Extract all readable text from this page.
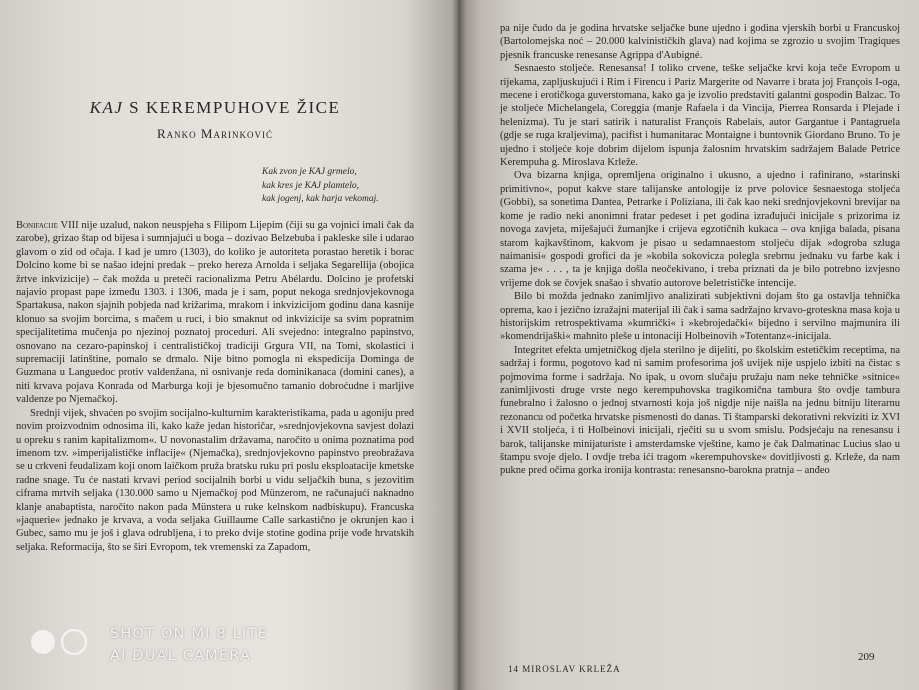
KAJ S KEREMPUHOVE ŽICE
Ranko Marinković
Kak zvon je KAJ grmelo,
kak kres je KAJ plamtelo,
kak jogenj, kak harja vekomaj.

Bonifacije VIII nije uzalud, nakon neuspjeha s Filipom Lijepim (čiji su ga vojnici imali čak da zarobe), grizao štap od bijesa i sumnjajući u boga – dozivao Belzebuba i pakleske sile i udarao glavom o zid od očaja. I kad je umro (1303), do koliko je autoriteta porastao heretik i borac Dolcino kome bi se našao idejni predak – preko hereza Arnolda i seljaka Segarellija (obojica žrtve inkvizicije) – čak možda u preteči racionalizma Petru Abélardu. Dolcino je profetski najavio propast pape između 1303. i 1306, mada je i sam, poput nekoga srednjovjekovnoga Spartakusa, nakon sjajnih pobjeda nad križarima, mrakom i inkvizicijom godinu dana kasnije klonuo sa svojim borcima, s mačem u ruci, i bio smaknut od inkvizicije sa svim popratnim specijalitetima mučenja po njezinoj poznatoj proceduri. Ali svejedno: integralno papinstvo, osnovano na cezaro-papinskoj i centralističkoj tradiciji Grgura VII, na Tomi, skolastici i supremaciji latinštine, pomalo se drmalo. Nije bitno pomogla ni ekspedicija Dominga de Guzmana u Languedoc protiv valdenžana, ni osnivanje reda dominikanaca (domini canes), a niti krvava pojava Konrada od Marburga koji je bjesomučno tamanio dobroćudne i marljive valdenze po Njemačkoj.

Srednji vijek, shvaćen po svojim socijalno-kulturnim karakteristikama, pada u agoniju pred novim proizvodnim odnosima ili, kako kaže jedan historičar, »srednjovjekovna savjest dolazi u opreku s ranim kapitalizmom«. U novonastalim državama, naročito u onima poznatima pod imenom tzv. »imperijalističke inflacije« (Njemačka), srednjovjekovno papinstvo preobražava se u crkveni feudalizam koji onom laičkom pruža bratsku ruku pri poslu eksploatacije kmetske radne snage. Tu će nastati krvavi period socijalnih borbi u vidu seljačkih buna, s jezovitim ciframa mrtvih seljaka (130.000 samo u Njemačkoj pod Münzerom, ne računajući naknadno klanje anabaptista, naročito nakon pada Münstera u ruke kelnskom nadbiskupu). Francuska »jaquerie« jednako je krvava, a voda seljaka Guillaume Calle sarkastično je okrunjen kao i Gubec, samo mu je još i glava odrubljena, i to preko dvije stotine godina prije vođe hrvatskih seljaka. Reformacija, što se širi Evropom, tek vremenski za Zapadom,

pa nije čudo da je godina hrvatske seljačke bune ujedno i godina vjerskih borbi u Francuskoj (Bartolomejska noć – 20.000 kalvinističkih glava) nad kojima se zgrozio u svojim Tragiques pjesnik francuske renesanse Agrippa d'Aubigné.

Sesnaesto stoljeće. Renesansa! I toliko crvene, teške seljačke krvi koja teče Evropom u rijekama, zapljuskujući i Rim i Firencu i Pariz Margerite od Navarre i brata joj François I-oga, mecene i erotičkoga guverstomana, kako ga je izvolio predstaviti galantni gospodin Balzac. To je stoljeće Michelangela, Coreggia (manje Rafaela i da Vincija, Pierrea Ronsarda i Plejade i helenizma). Tu je stari satirik i naturalist François Rabelais, autor Gargantue i Pantagruela (gdje se ruga kraljevima), pacifist i humanitarac Montaigne i buntovnik Giordano Bruno. To je ujedno i stoljeće koje dobrim dijelom ispunja žalosnim hrvatskim sadržajem Balade Petrice Kerempuha g. Miroslava Krleže.

Ova bizarna knjiga, opremljena originalno i ukusno, a ujedno i rafinirano, »starinski primitivno«, poput kakve stare talijanske antologije iz prve polovice šesnaestoga stoljeća (Gobbi), sa sonetima Dantea, Petrarke i Poliziana, ili čak kao neki srednjovjekovni brevijar na kome je radio neki anonimni fratar pedeset i pet godina izrađujući inicijale s prizorima iz novoga zavjeta, miješajući žumanjke i crijeva egzotičnih kukaca – ova knjiga balada, pisana starom kajkavštinom, kakvom je pisao u sedamnaestom stoljeću dijak »dogroba szluga naimanisi« gospodi grofici da je »kobila sokovicza polegla srebrnu jednaku vu farbe kak i szama je« . . . , ta je knjiga došla neočekivano, i treba priznati da je bilo potrebno izvjesno vrijeme dok se čovjek snašao i shvatio autorove beletrističke intencije.

Bilo bi možda jednako zanimljivo analizirati subjektivni dojam što ga ostavlja tehnička oprema, kao i jezično izražajni materijal ili čak i sama sadržajno krvavo-groteskna masa koja u historijskim retrospektivama »kumrički« i »kebrojedački« bijedno i servilno majmunira ili »komendrijaški« mahnito pleše u intonaciji Holbeinovih »Totentanz«-inicijala.

Integritet efekta umjetničkog djela sterilno je dijeliti, po školskim estetičkim receptima, na sadržaj i formu, pogotovo kad ni samim profesorima još uvijek nije uspjelo izbiti na čistac s pojmovima forme i sadržaja. No ipak, u ovom slučaju pružaju nam neke tehničke »sitnice« zanimljivosti druge vrste nego kerempuhovska tragikomična tambura što ovdje tambura funebralno i žalosno o jednoj stvarnosti koja još nigdje nije naišla na jednu bitniju literarnu rezonancu od početka hrvatske pismenosti do danas. Ti štamparski dekorativni rekviziti iz XVI i XVII stoljeća, i ti Holbeinovi inicijali, rječiti su u svom smislu. Podsjećaju na renesansu i barok, talijanske minijaturiste i amsterdamske vještine, kamo je čak Dalmatinac Lucius slao u štampu svoje djelo. I ovdje treba ići tragom »kerempuhovske« dovitljivosti g. Krleže, da nam pukne pred očima gorka ironija kontrasta: renesansno-barokna pratnja – anđeo

14 MIROSLAV KRLEŽA
209
SHOT ON MI 8 LITE
AI DUAL CAMERA
